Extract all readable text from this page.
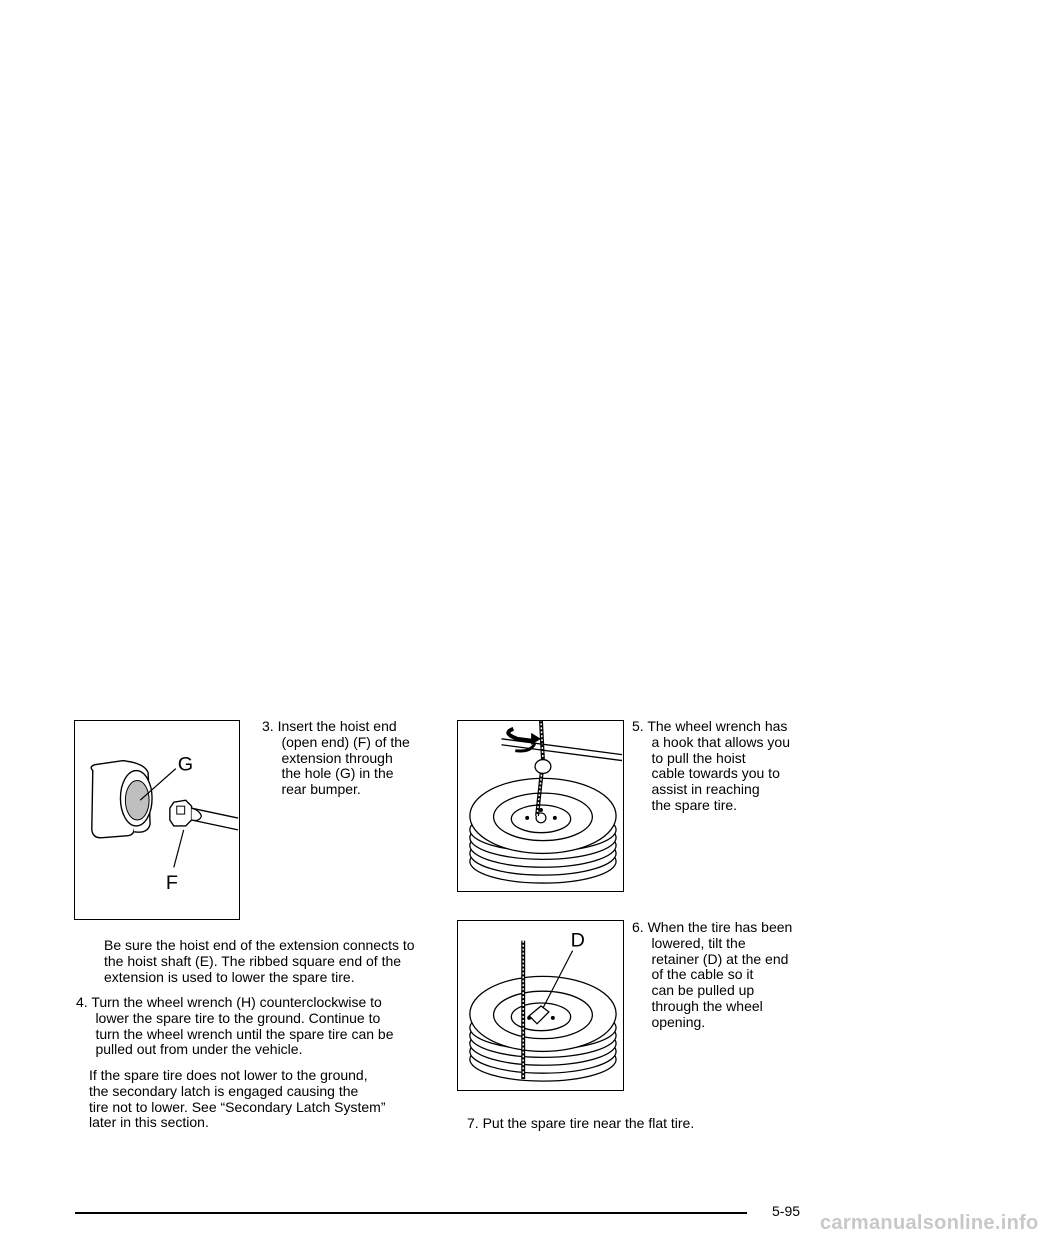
G
F
3. Insert the hoist end
(open end) (F) of the
extension through
the hole (G) in the
rear bumper.
Be sure the hoist end of the extension connects to
the hoist shaft (E). The ribbed square end of the
extension is used to lower the spare tire.
4. Turn the wheel wrench (H) counterclockwise to
lower the spare tire to the ground. Continue to
turn the wheel wrench until the spare tire can be
pulled out from under the vehicle.
If the spare tire does not lower to the ground,
the secondary latch is engaged causing the
tire not to lower. See “Secondary Latch System”
later in this section.
5. The wheel wrench has
a hook that allows you
to pull the hoist
cable towards you to
assist in reaching
the spare tire.
D
6. When the tire has been
lowered, tilt the
retainer (D) at the end
of the cable so it
can be pulled up
through the wheel
opening.
7. Put the spare tire near the flat tire.
5-95
carmanualsonline.info
